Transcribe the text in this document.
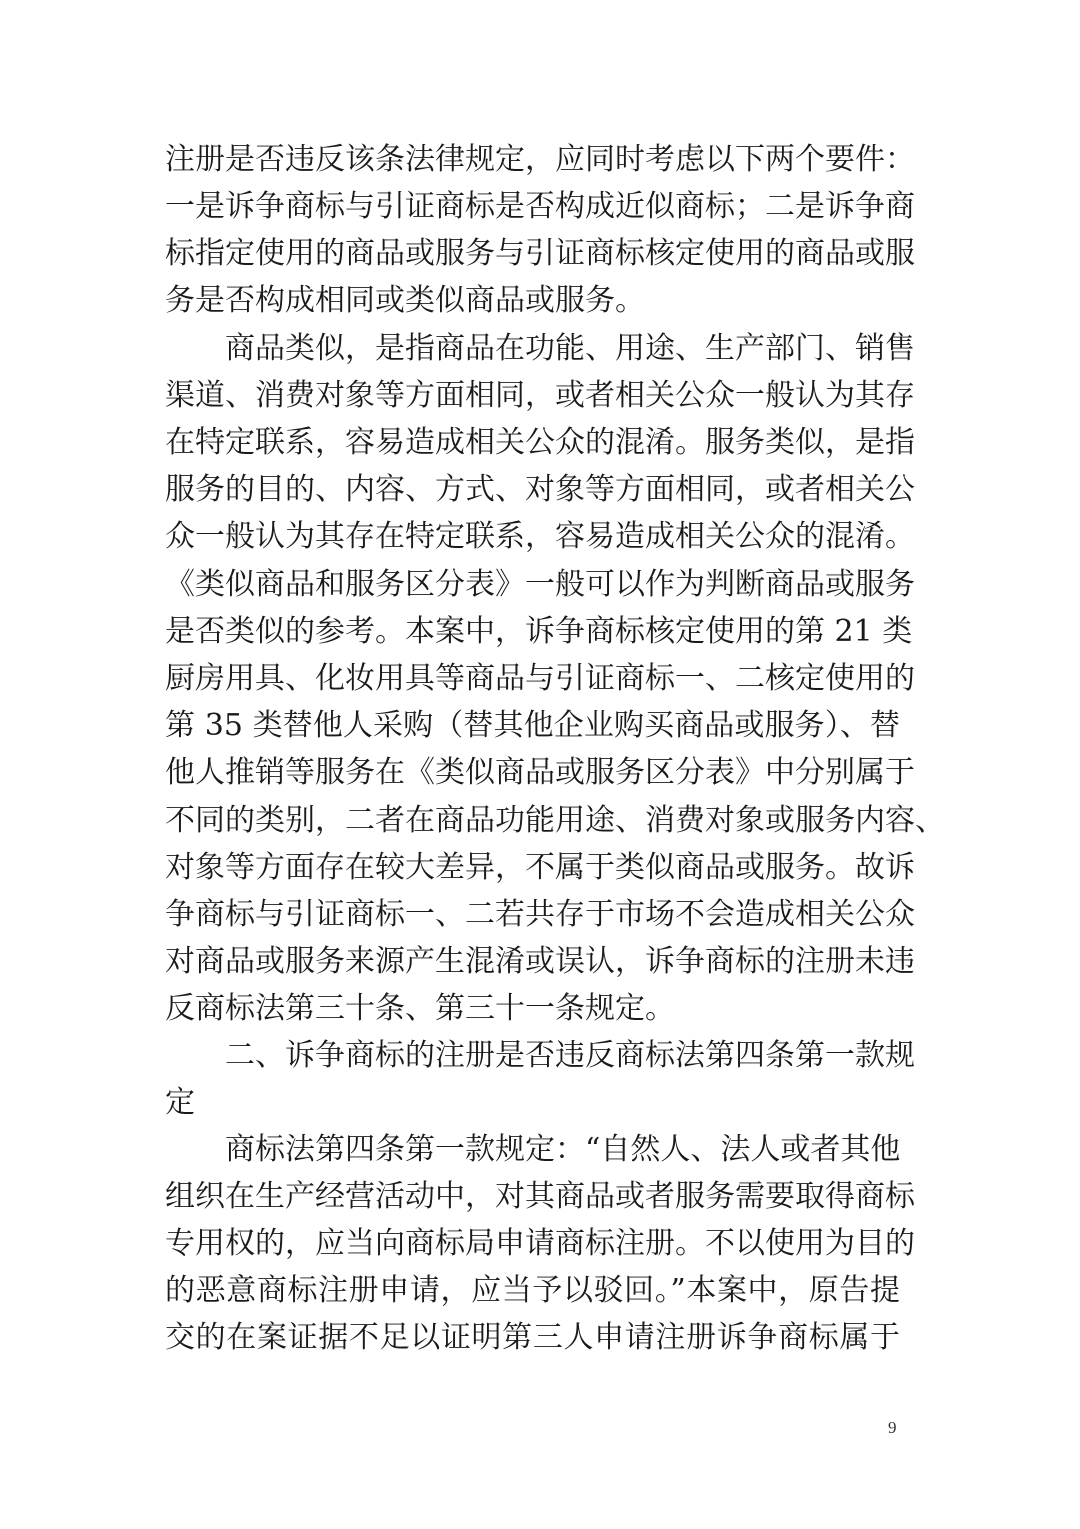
注册是否违反该条法律规定，应同时考虑以下两个要件：
一是诉争商标与引证商标是否构成近似商标；二是诉争商
标指定使用的商品或服务与引证商标核定使用的商品或服
务是否构成相同或类似商品或服务。
商品类似，是指商品在功能、用途、生产部门、销售
渠道、消费对象等方面相同，或者相关公众一般认为其存
在特定联系，容易造成相关公众的混淆。服务类似，是指
服务的目的、内容、方式、对象等方面相同，或者相关公
众一般认为其存在特定联系，容易造成相关公众的混淆。
《类似商品和服务区分表》一般可以作为判断商品或服务
是否类似的参考。本案中，诉争商标核定使用的第 21 类
厨房用具、化妆用具等商品与引证商标一、二核定使用的
第 35 类替他人采购（替其他企业购买商品或服务）、替
他人推销等服务在《类似商品或服务区分表》中分别属于
不同的类别，二者在商品功能用途、消费对象或服务内容、
对象等方面存在较大差异，不属于类似商品或服务。故诉
争商标与引证商标一、二若共存于市场不会造成相关公众
对商品或服务来源产生混淆或误认，诉争商标的注册未违
反商标法第三十条、第三十一条规定。
二、诉争商标的注册是否违反商标法第四条第一款规
定
商标法第四条第一款规定：“自然人、法人或者其他
组织在生产经营活动中，对其商品或者服务需要取得商标
专用权的，应当向商标局申请商标注册。不以使用为目的
的恶意商标注册申请，应当予以驳回。”本案中，原告提
交的在案证据不足以证明第三人申请注册诉争商标属于
9
